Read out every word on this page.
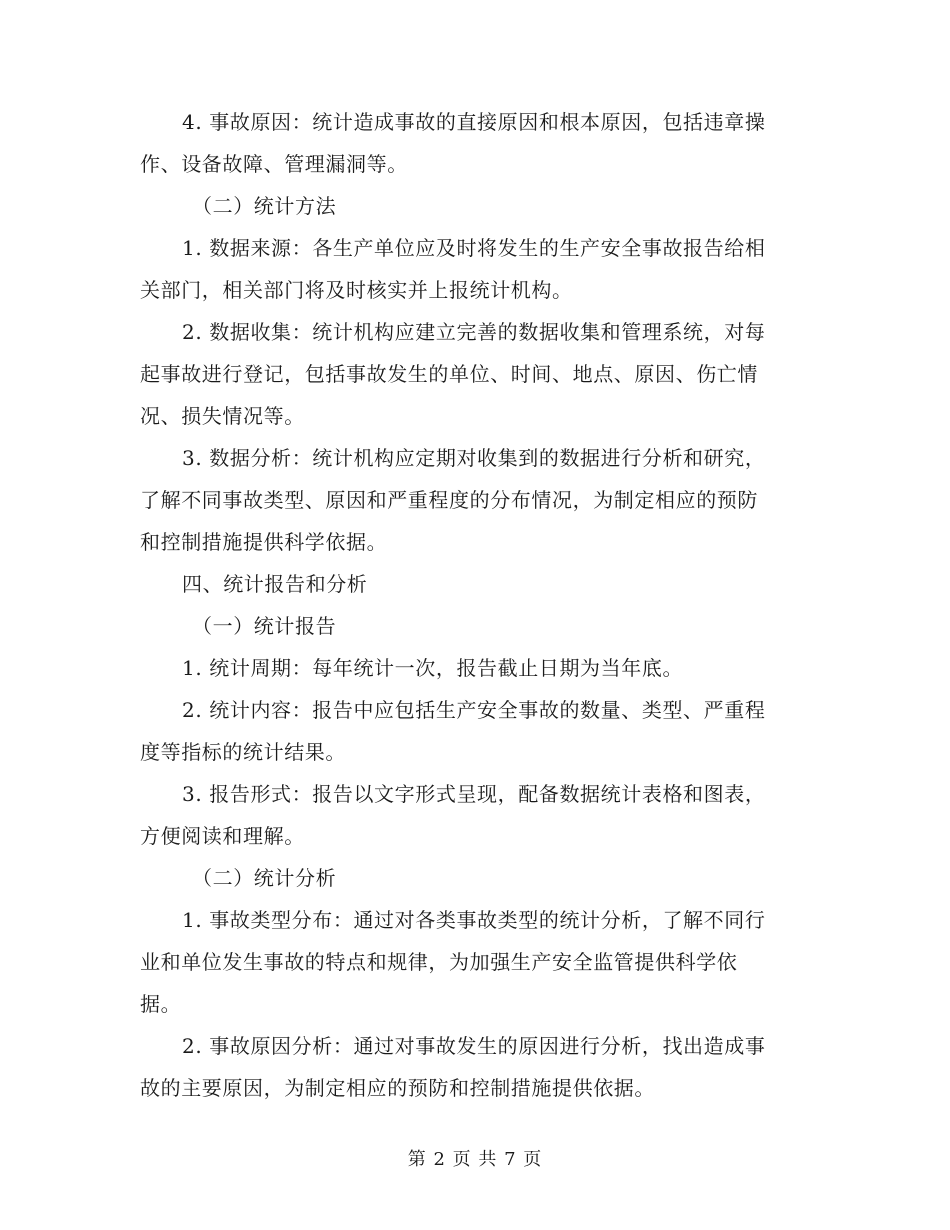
4. 事故原因：统计造成事故的直接原因和根本原因，包括违章操
作、设备故障、管理漏洞等。
（二）统计方法
1. 数据来源：各生产单位应及时将发生的生产安全事故报告给相
关部门，相关部门将及时核实并上报统计机构。
2. 数据收集：统计机构应建立完善的数据收集和管理系统，对每
起事故进行登记，包括事故发生的单位、时间、地点、原因、伤亡情
况、损失情况等。
3. 数据分析：统计机构应定期对收集到的数据进行分析和研究，
了解不同事故类型、原因和严重程度的分布情况，为制定相应的预防
和控制措施提供科学依据。
四、统计报告和分析
（一）统计报告
1. 统计周期：每年统计一次，报告截止日期为当年底。
2. 统计内容：报告中应包括生产安全事故的数量、类型、严重程
度等指标的统计结果。
3. 报告形式：报告以文字形式呈现，配备数据统计表格和图表，
方便阅读和理解。
（二）统计分析
1. 事故类型分布：通过对各类事故类型的统计分析，了解不同行
业和单位发生事故的特点和规律，为加强生产安全监管提供科学依
据。
2. 事故原因分析：通过对事故发生的原因进行分析，找出造成事
故的主要原因，为制定相应的预防和控制措施提供依据。
第 2 页 共 7 页
